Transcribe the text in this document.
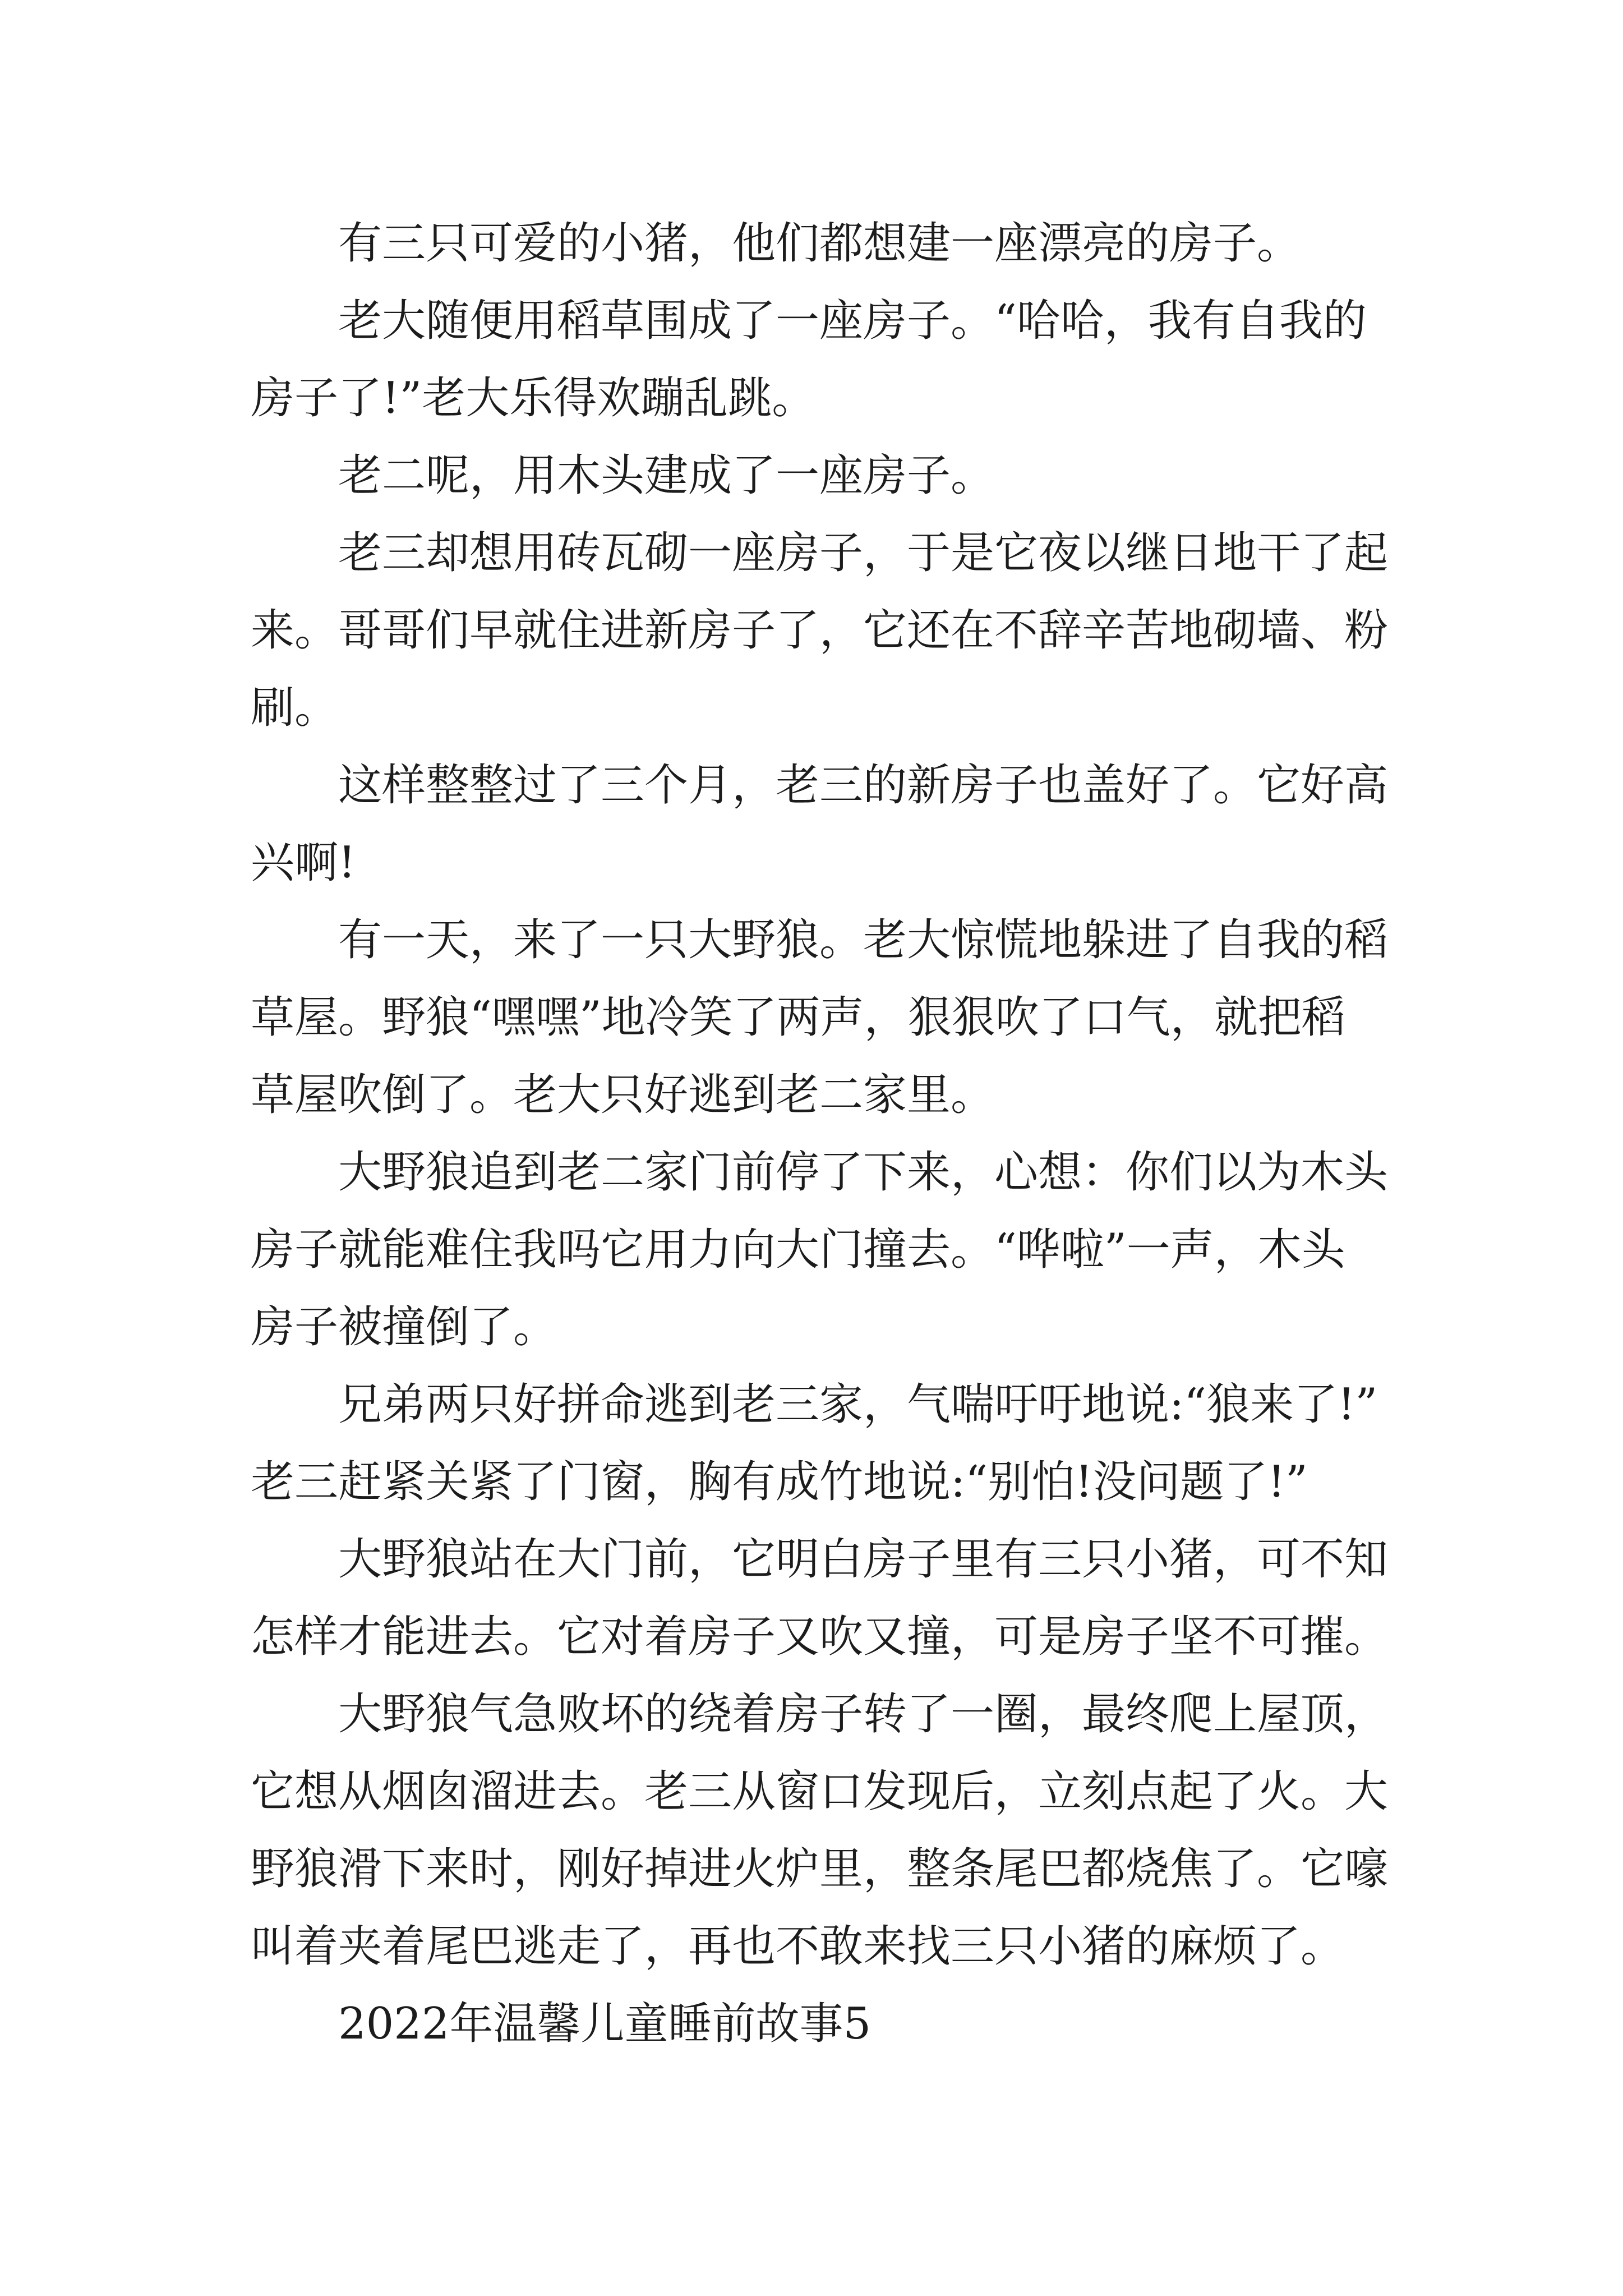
有三只可爱的小猪，他们都想建一座漂亮的房子。
老大随便用稻草围成了一座房子。“哈哈，我有自我的
房子了!”老大乐得欢蹦乱跳。
老二呢，用木头建成了一座房子。
老三却想用砖瓦砌一座房子，于是它夜以继日地干了起
来。哥哥们早就住进新房子了，它还在不辞辛苦地砌墙、粉
刷。
这样整整过了三个月，老三的新房子也盖好了。它好高
兴啊!
有一天，来了一只大野狼。老大惊慌地躲进了自我的稻
草屋。野狼“嘿嘿”地冷笑了两声，狠狠吹了口气，就把稻
草屋吹倒了。老大只好逃到老二家里。
大野狼追到老二家门前停了下来，心想：你们以为木头
房子就能难住我吗它用力向大门撞去。“哗啦”一声，木头
房子被撞倒了。
兄弟两只好拼命逃到老三家，气喘吁吁地说:“狼来了!”
老三赶紧关紧了门窗，胸有成竹地说:“别怕!没问题了!”
大野狼站在大门前，它明白房子里有三只小猪，可不知
怎样才能进去。它对着房子又吹又撞，可是房子坚不可摧。
大野狼气急败坏的绕着房子转了一圈，最终爬上屋顶，
它想从烟囱溜进去。老三从窗口发现后，立刻点起了火。大
野狼滑下来时，刚好掉进火炉里，整条尾巴都烧焦了。它嚎
叫着夹着尾巴逃走了，再也不敢来找三只小猪的麻烦了。
2022年温馨儿童睡前故事5
